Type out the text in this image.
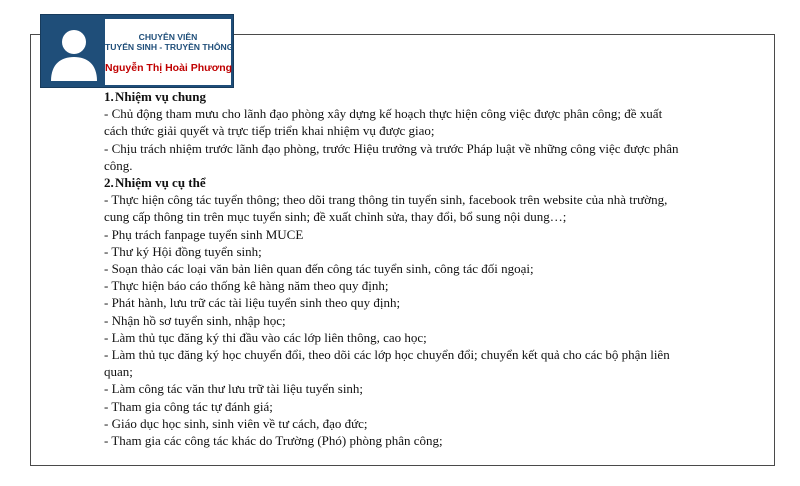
CHUYÊN VIÊN
TUYỂN SINH - TRUYỀN THÔNG
Nguyễn Thị Hoài Phương
1.Nhiệm vụ chung
- Chủ động tham mưu cho lãnh đạo phòng xây dựng kế hoạch thực hiện công việc được phân công; đề xuất
cách thức giải quyết và trực tiếp triển khai nhiệm vụ được giao;
- Chịu trách nhiệm trước lãnh đạo phòng, trước Hiệu trưởng và trước Pháp luật về những công việc được phân
công.
2.Nhiệm vụ cụ thể
- Thực hiện công tác tuyển thông; theo dõi trang thông tin tuyển sinh, facebook trên website của nhà trường,
cung cấp thông tin trên mục tuyển sinh; đề xuất chỉnh sửa, thay đổi, bổ sung nội dung…;
- Phụ trách fanpage tuyển sinh MUCE
- Thư ký Hội đồng tuyển sinh;
- Soạn thảo các loại văn bản liên quan đến công tác tuyển sinh, công tác đối ngoại;
- Thực hiện báo cáo thống kê hàng năm theo quy định;
- Phát hành, lưu trữ các tài liệu tuyển sinh theo quy định;
- Nhận hồ sơ tuyển sinh, nhập học;
- Làm thủ tục đăng ký thi đầu vào các lớp liên thông, cao học;
- Làm thủ tục đăng ký học chuyển đổi, theo dõi các lớp học chuyển đổi; chuyển kết quả cho các bộ phận liên
quan;
- Làm công tác văn thư lưu trữ tài liệu tuyển sinh;
- Tham gia công tác tự đánh giá;
- Giáo dục học sinh, sinh viên về tư cách, đạo đức;
- Tham gia các công tác khác do Trường (Phó) phòng phân công;
